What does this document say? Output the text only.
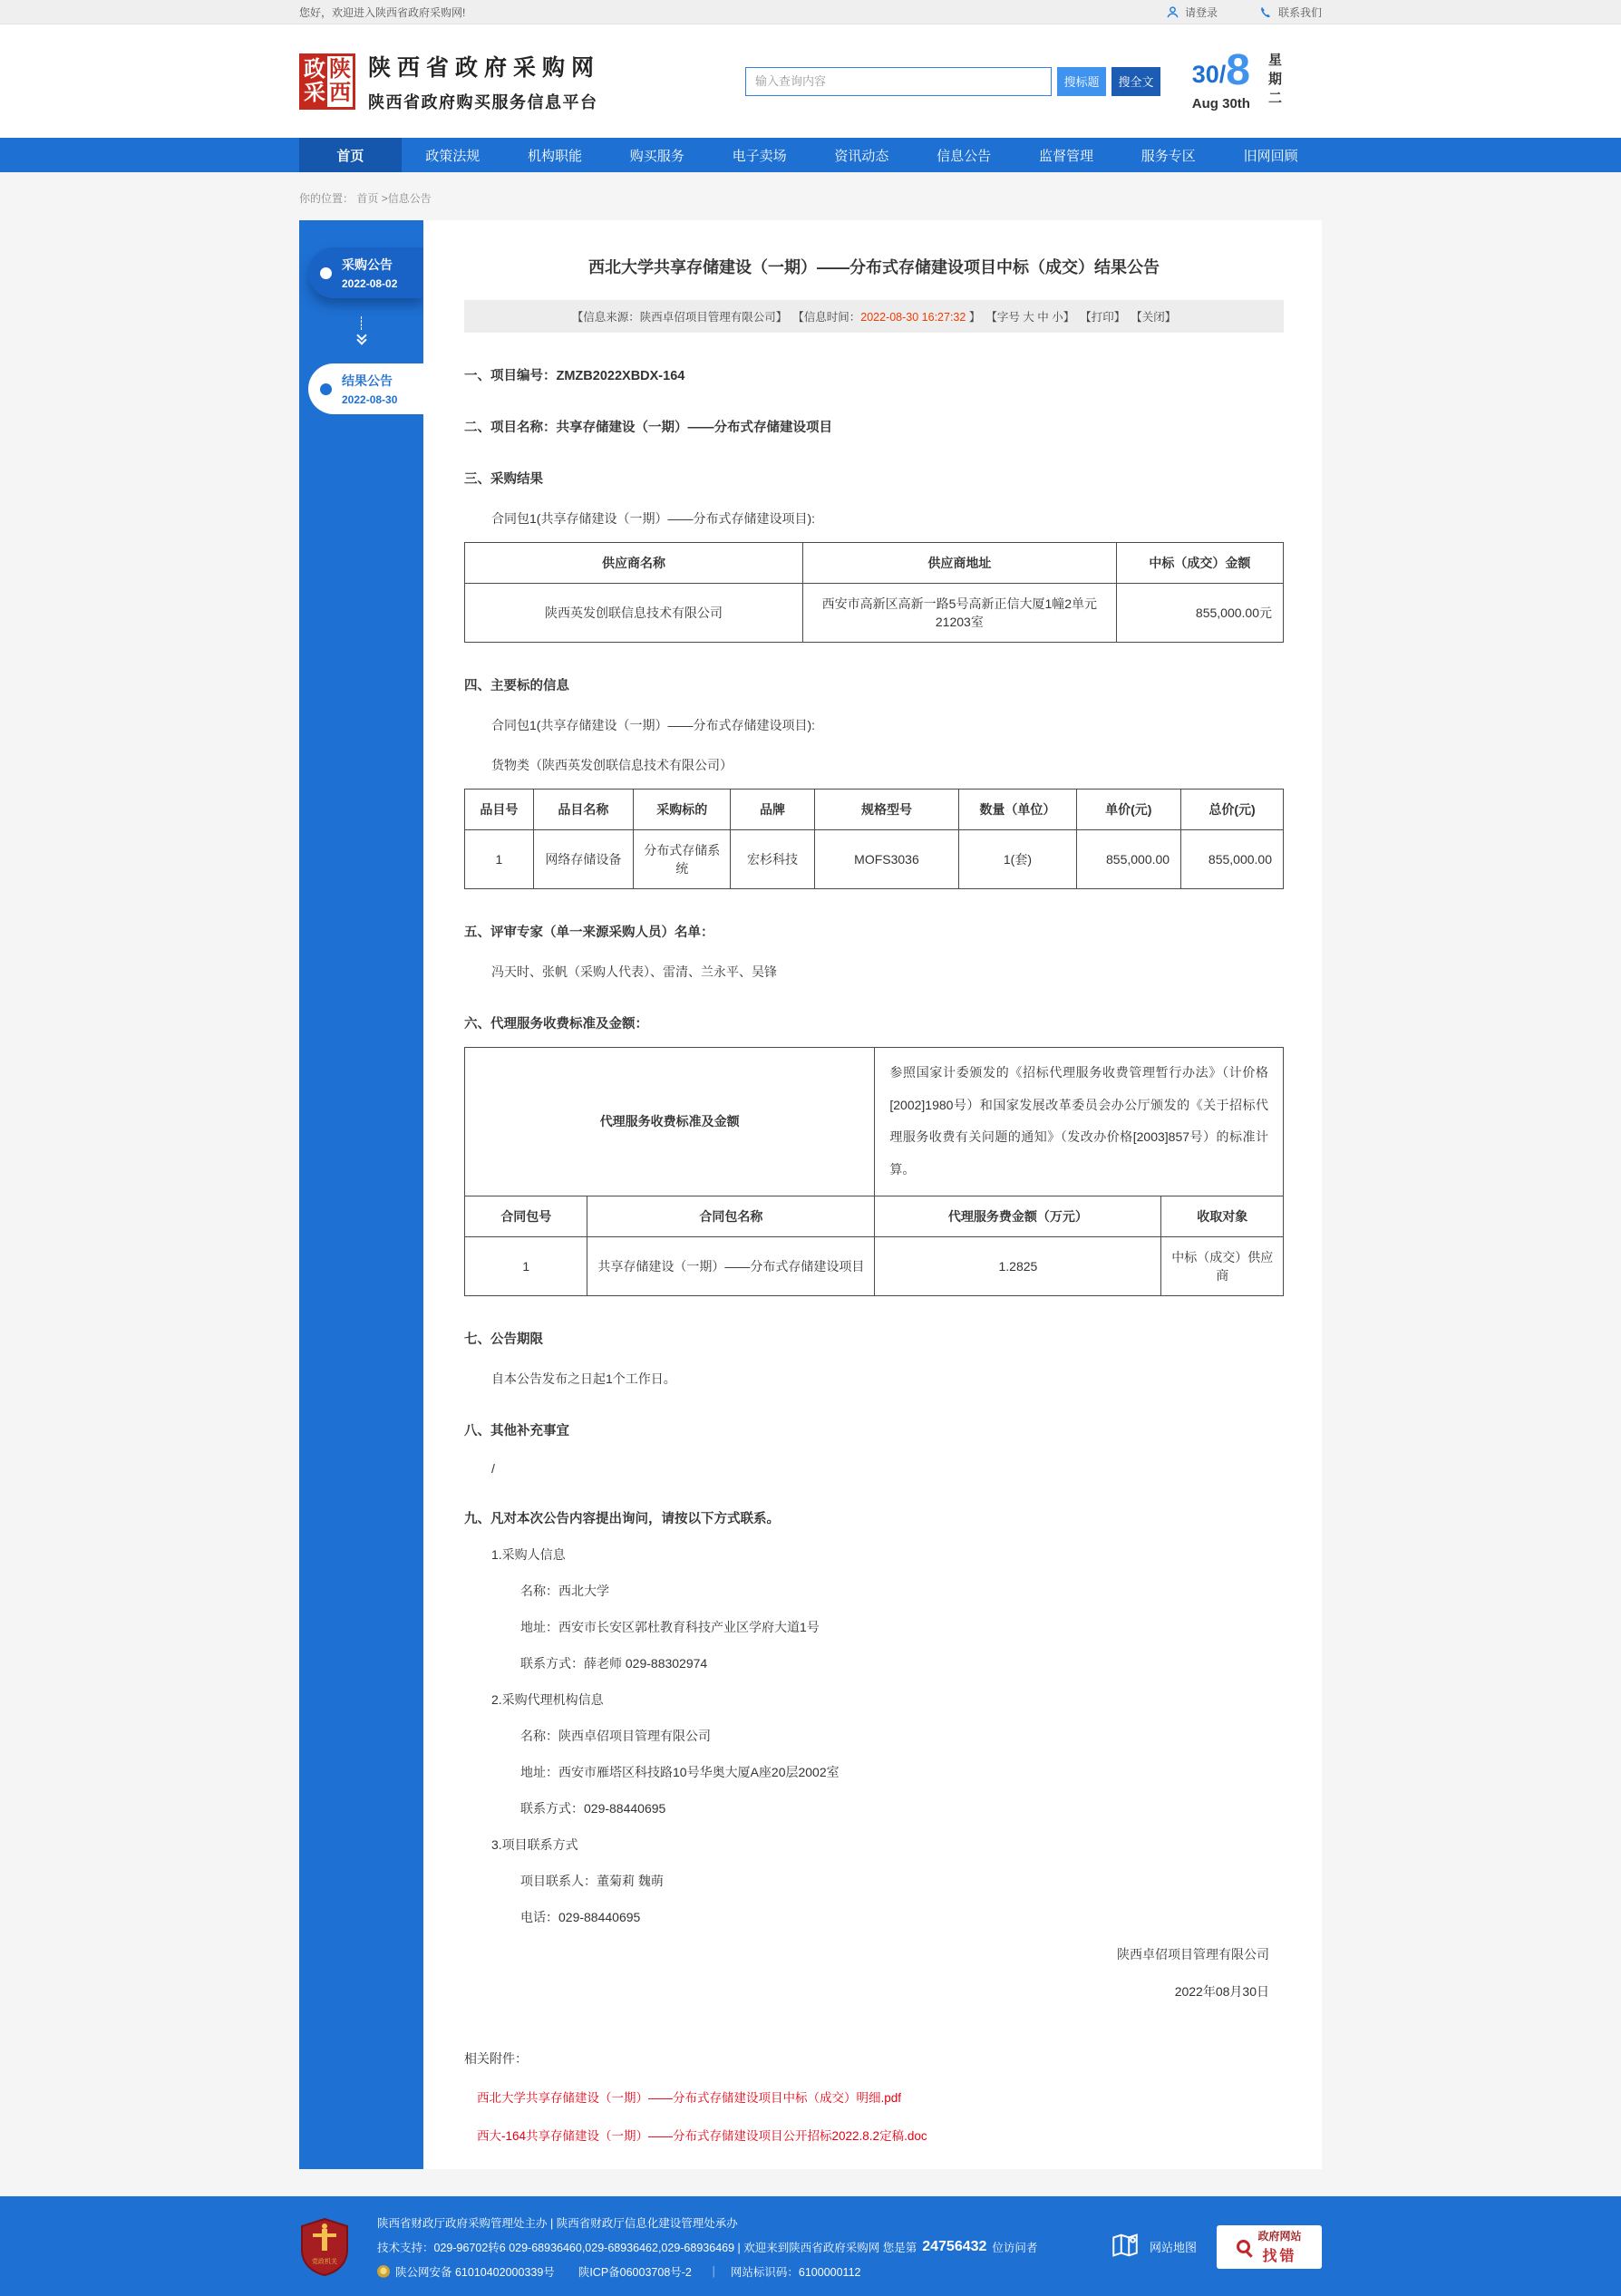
您好，欢迎进入陕西省政府采购网!	请登录	联系我们
政采
陕西
陕西省政府采购网
陕西省政府购买服务信息平台
输入查询内容
搜标题	搜全文 30/ 8
Aug 30th 星期二
首页	政策法规	机构职能	购买服务	电子卖场	资讯动态	信息公告	监督管理	服务专区	旧网回顾
你的位置： 首页 >信息公告
采购公告
2022-08-02
结果公告
2022-08-30
西北大学共享存储建设（一期）——分布式存储建设项目中标（成交）结果公告
【信息来源：陕西卓佋项目管理有限公司】 【信息时间：2022-08-30 16:27:32 】 【字号 大 中 小】 【打印】 【关闭】
一、项目编号：ZMZB2022XBDX-164
二、项目名称：共享存储建设（一期）——分布式存储建设项目
三、采购结果
合同包1(共享存储建设（一期）——分布式存储建设项目):
供应商名称	供应商地址	中标（成交）金额
陕西英发创联信息技术有限公司	西安市高新区高新一路5号高新正信大厦1幢2单元21203室	855,000.00元
四、主要标的信息
合同包1(共享存储建设（一期）——分布式存储建设项目):
货物类（陕西英发创联信息技术有限公司）
品目号	品目名称	采购标的	品牌	规格型号	数量（单位）	单价(元)	总价(元)
1	网络存储设备	分布式存储系统	宏杉科技	MOFS3036	1(套)	855,000.00	855,000.00
五、评审专家（单一来源采购人员）名单：
冯天时、张帆（采购人代表）、雷清、兰永平、吴锋
六、代理服务收费标准及金额：
代理服务收费标准及金额		参照国家计委颁发的《招标代理服务收费管理暂行办法》（计价格[2002]1980号）和国家发展改革委员会办公厅颁发的《关于招标代理服务收费有关问题的通知》（发改办价格[2003]857号）的标准计算。	
合同包号	合同包名称	代理服务费金额（万元）	收取对象
1	共享存储建设（一期）——分布式存储建设项目	1.2825	中标（成交）供应商
七、公告期限
自本公告发布之日起1个工作日。
八、其他补充事宜
/
九、凡对本次公告内容提出询问，请按以下方式联系。
1.采购人信息
名称：西北大学
地址：西安市长安区郭杜教育科技产业区学府大道1号
联系方式：薛老师 029-88302974
2.采购代理机构信息
名称：陕西卓佋项目管理有限公司
地址：西安市雁塔区科技路10号华奥大厦A座20层2002室
联系方式：029-88440695
3.项目联系方式
项目联系人：董菊莉 魏萌
电话：029-88440695
陕西卓佋项目管理有限公司
2022年08月30日
相关附件：
西北大学共享存储建设（一期）——分布式存储建设项目中标（成交）明细.pdf
西大-164共享存储建设（一期）——分布式存储建设项目公开招标2022.8.2定稿.doc
党政机关
陕西省财政厅政府采购管理处主办 | 陕西省财政厅信息化建设管理处承办
技术支持：029-96702转6 029-68936460,029-68936462,029-68936469 | 欢迎来到陕西省政府采购网 您是第 24756432 位访问者
陕公网安备 61010402000339号 陕ICP备06003708号-2 ｜　网站标识码：6100000112
网站地图
政府网站
找错
